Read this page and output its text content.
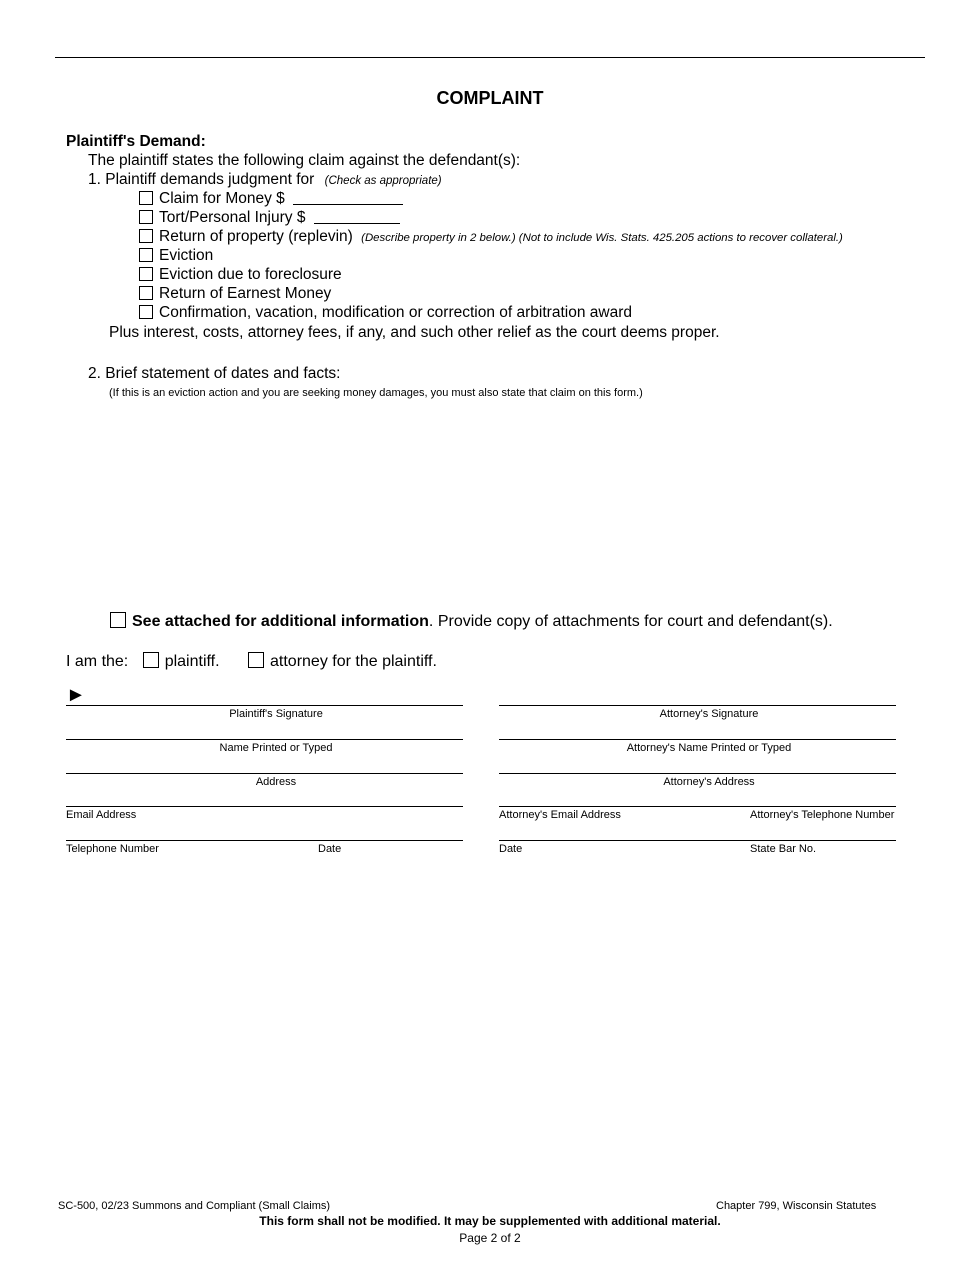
COMPLAINT
Plaintiff's Demand:
The plaintiff states the following claim against the defendant(s):
1. Plaintiff demands judgment for (Check as appropriate)
Claim for Money $
Tort/Personal Injury $
Return of property (replevin) (Describe property in 2 below.) (Not to include Wis. Stats. 425.205 actions to recover collateral.)
Eviction
Eviction due to foreclosure
Return of Earnest Money
Confirmation, vacation, modification or correction of arbitration award
Plus interest, costs, attorney fees, if any, and such other relief as the court deems proper.
2. Brief statement of dates and facts:
(If this is an eviction action and you are seeking money damages, you must also state that claim on this form.)
See attached for additional information. Provide copy of attachments for court and defendant(s).
I am the: plaintiff.	attorney for the plaintiff.
►
Plaintiff's Signature
Name Printed or Typed
Address
Email Address
Telephone Number	Date
Attorney's Signature
Attorney's Name Printed or Typed
Attorney's Address
Attorney's Email Address	Attorney's Telephone Number
Date	State Bar No.
SC-500, 02/23 Summons and Compliant (Small Claims)	Chapter 799, Wisconsin Statutes
This form shall not be modified. It may be supplemented with additional material.
Page 2 of 2
